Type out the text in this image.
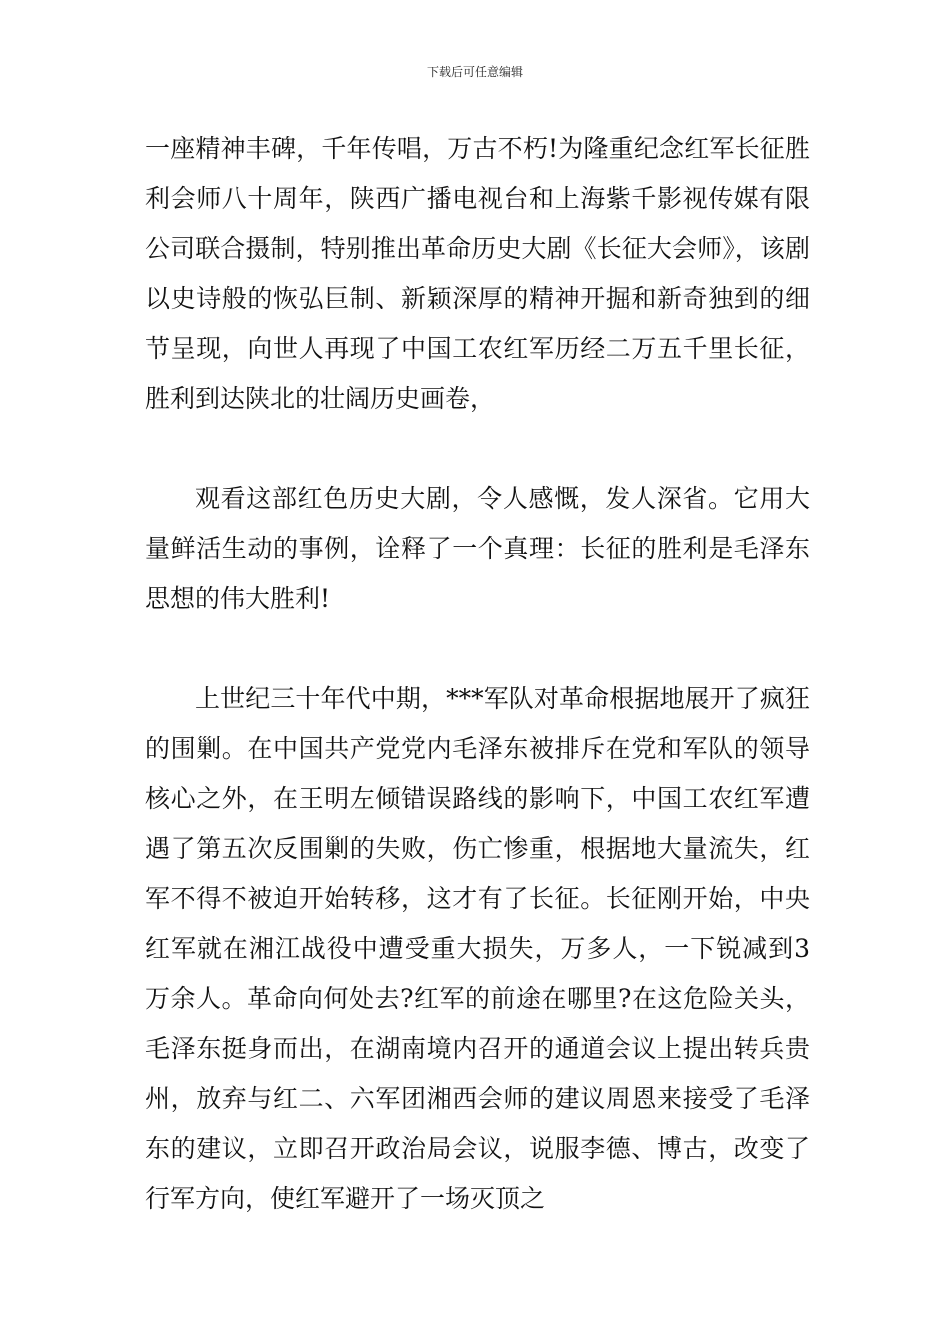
下载后可任意编辑

一座精神丰碑，千年传唱，万古不朽!为隆重纪念红军长征胜利会师八十周年，陕西广播电视台和上海紫千影视传媒有限公司联合摄制，特别推出革命历史大剧《长征大会师》，该剧以史诗般的恢弘巨制、新颖深厚的精神开掘和新奇独到的细节呈现，向世人再现了中国工农红军历经二万五千里长征，胜利到达陕北的壮阔历史画卷，

观看这部红色历史大剧，令人感慨，发人深省。它用大量鲜活生动的事例，诠释了一个真理：长征的胜利是毛泽东思想的伟大胜利!

上世纪三十年代中期，***军队对革命根据地展开了疯狂的围剿。在中国共产党党内毛泽东被排斥在党和军队的领导核心之外，在王明左倾错误路线的影响下，中国工农红军遭遇了第五次反围剿的失败，伤亡惨重，根据地大量流失，红军不得不被迫开始转移，这才有了长征。长征刚开始，中央红军就在湘江战役中遭受重大损失，万多人，一下锐减到3万余人。革命向何处去?红军的前途在哪里?在这危险关头，毛泽东挺身而出，在湖南境内召开的通道会议上提出转兵贵州，放弃与红二、六军团湘西会师的建议周恩来接受了毛泽东的建议，立即召开政治局会议，说服李德、博古，改变了行军方向，使红军避开了一场灭顶之
